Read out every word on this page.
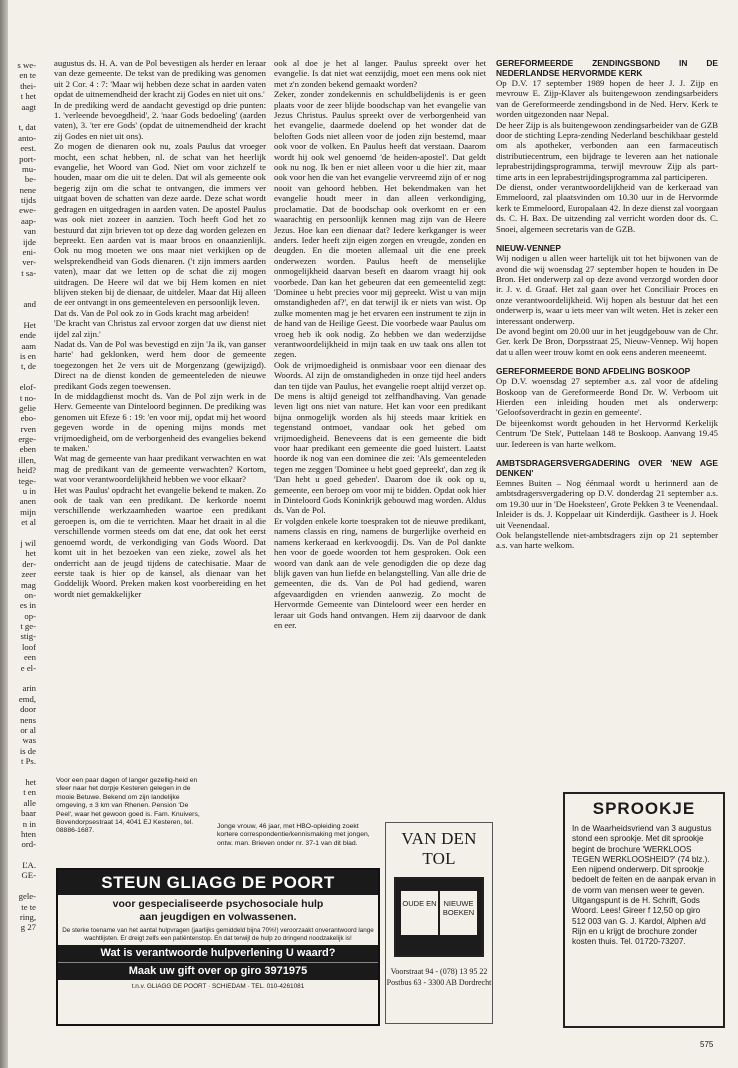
s we-
en te
thei-
t het
aagt
t, dat
anto-
eest.
port-
mu-
be-
nene
tijds
ewe-
aap-
van
ijde
eni-
ver-
t sa-
and
Het
ende
aam
is en
t, de
elof-
t no-
gelie
ebo-
rven
erge-
eben
illen,
heid?
tege-
u in
anen
mijn
et al
j wil
het
der-
zeer
mag
on-
es in
op-
t ge-
stig-
loof
een
e el-
arin
emd,
door
nens
or al
was
is de
t Ps.
het
t en
alle
baar
n in
hten
ord-
ĽA.
GE-
gele-
te te
ring,
g 27

augustus ds. H. A. van de Pol bevestigen als herder en leraar van deze gemeente. De tekst van de prediking was genomen uit 2 Cor. 4 : 7: 'Maar wij hebben deze schat in aarden vaten opdat de uitnemendheid der kracht zij Godes en niet uit ons.'

In de prediking werd de aandacht gevestigd op drie punten: 1. 'verleende bevoegdheid', 2. 'naar Gods bedoeling' (aarden vaten), 3. 'ter ere Gods' (opdat de uitnemendheid der kracht zij Godes en niet uit ons).

Zo mogen de dienaren ook nu, zoals Paulus dat vroeger mocht, een schat hebben, nl. de schat van het heerlijk evangelie, het Woord van God. Niet om voor zichzelf te houden, maar om die uit te delen. Dat wil als gemeente ook begerig zijn om die schat te ontvangen, die immers ver uitgaat boven de schatten van deze aarde. Deze schat wordt gedragen en uitgedragen in aarden vaten. De apostel Paulus was ook niet zozeer in aanzien. Toch heeft God het zo bestuurd dat zijn brieven tot op deze dag worden gelezen en bepreekt. Een aarden vat is maar broos en onaanzienlijk. Ook nu mog moeten we ons maar niet verkijken op de welsprekendheid van Gods dienaren. ('t zijn immers aarden vaten), maar dat we letten op de schat die zij mogen uitdragen. De Heere wil dat we bij Hem komen en niet blijven steken bij de dienaar, de uitdeler. Maar dat Hij alleen de eer ontvangt in ons gemeenteleven en persoonlijk leven.

Dat ds. Van de Pol ook zo in Gods kracht mag arbeiden!

'De kracht van Christus zal ervoor zorgen dat uw dienst niet ijdel zal zijn.'

Nadat ds. Van de Pol was bevestigd en zijn 'Ja ik, van ganser harte' had geklonken, werd hem door de gemeente toegezongen het 2e vers uit de Morgenzang (gewijzigd). Direct na de dienst konden de gemeenteleden de nieuwe predikant Gods zegen toewensen.

In de middagdienst mocht ds. Van de Pol zijn werk in de Herv. Gemeente van Dinteloord beginnen. De prediking was genomen uit Efeze 6 : 19: 'en voor mij, opdat mij het woord gegeven worde in de opening mijns monds met vrijmoedigheid, om de verborgenheid des evangelies bekend te maken.'

Wat mag de gemeente van haar predikant verwachten en wat mag de predikant van de gemeente verwachten? Kortom, wat voor verantwoordelijkheid hebben we voor elkaar?

Het was Paulus' opdracht het evangelie bekend te maken. Zo ook de taak van een predikant. De kerkorde noemt verschillende werkzaamheden waartoe een predikant geroepen is, om die te verrichten. Maar het draait in al die verschillende vormen steeds om dat ene, dat ook het eerst genoemd wordt, de verkondiging van Gods Woord. Dat komt uit in het bezoeken van een zieke, zowel als het onderricht aan de jeugd tijdens de catechisatie. Maar de eerste taak is hier op de kansel, als dienaar van het Goddelijk Woord. Preken maken kost voorbereiding en het wordt niet gemakkelijker

ook al doe je het al langer. Paulus spreekt over het evangelie. Is dat niet wat eenzijdig, moet een mens ook niet met z'n zonden bekend gemaakt worden?

Zeker, zonder zondekennis en schuldbelijdenis is er geen plaats voor de zeer blijde boodschap van het evangelie van Jezus Christus. Paulus spreekt over de verborgenheid van het evangelie, daarmede doelend op het wonder dat de beloften Gods niet alleen voor de joden zijn bestemd, maar ook voor de volken. En Paulus heeft dat verstaan. Daarom wordt hij ook wel genoemd 'de heiden-apostel'. Dat geldt ook nu nog. Ik ben er niet alleen voor u die hier zit, maar ook voor hen die van het evangelie vervreemd zijn of er nog nooit van gehoord hebben. Het bekendmaken van het evangelie houdt meer in dan alleen verkondiging, proclamatie. Dat de boodschap ook overkomt en er een waarachtig en persoonlijk kennen mag zijn van de Heere Jezus. Hoe kan een dienaar dat? Iedere kerkganger is weer anders. Ieder heeft zijn eigen zorgen en vreugde, zonden en deugden. En die moeten allemaal uit die ene preek onderwezen worden. Paulus heeft de menselijke onmogelijkheid daarvan beseft en daarom vraagt hij ook voorbede. Dan kan het gebeuren dat een gemeentelid zegt: 'Dominee u hebt precies voor mij gepreekt. Wist u van mijn omstandigheden af?', en dat terwijl ik er niets van wist. Op zulke momenten mag je het ervaren een instrument te zijn in de hand van de Heilige Geest. Die voorbede waar Paulus om vroeg heb ik ook nodig. Zo hebben we dan wederzijdse verantwoordelijkheid in mijn taak en uw taak ons allen tot zegen.

Ook de vrijmoedigheid is onmisbaar voor een dienaar des Woords. Al zijn de omstandigheden in onze tijd heel anders dan ten tijde van Paulus, het evangelie roept altijd verzet op. De mens is altijd geneigd tot zelfhandhaving. Van genade leven ligt ons niet van nature. Het kan voor een predikant bijna onmogelijk worden als hij steeds maar kritiek en tegenstand ontmoet, vandaar ook het gebed om vrijmoedigheid. Beneveens dat is een gemeente die bidt voor haar predikant een gemeente die goed luistert. Laatst hoorde ik nog van een dominee die zei: 'Als gemeenteleden tegen me zeggen 'Dominee u hebt goed gepreekt', dan zeg ik 'Dan hebt u goed gebeden'. Daarom doe ik ook op u, gemeente, een beroep om voor mij te bidden. Opdat ook hier in Dinteloord Gods Koninkrijk gebouwd mag worden. Aldus ds. Van de Pol.

Er volgden enkele korte toespraken tot de nieuwe predikant, namens classis en ring, namens de burgerlijke overheid en namens kerkeraad en kerkvoogdij. Ds. Van de Pol dankte hen voor de goede woorden tot hem gesproken. Ook een woord van dank aan de vele genodigden die op deze dag blijk gaven van hun liefde en belangstelling. Van alle drie de gemeenten, die ds. Van de Pol had gediend, waren afgevaardigden en vrienden aanwezig. Zo mocht de Hervormde Gemeente van Dinteloord weer een herder en leraar uit Gods hand ontvangen. Hem zij daarvoor de dank en eer.

GEREFORMEERDE ZENDINGSBOND IN DE NEDERLANDSE HERVORMDE KERK

Op D.V. 17 september 1989 hopen de heer J. J. Zijp en mevrouw E. Zijp-Klaver als buitengewoon zendingsarbeiders van de Gereformeerde zendingsbond in de Ned. Herv. Kerk te worden uitgezonden naar Nepal.

De heer Zijp is als buitengewoon zendingsarbeider van de GZB door de stichting Lepra-zending Nederland beschikbaar gesteld om als apotheker, verbonden aan een farmaceutisch distributiecentrum, een bijdrage te leveren aan het nationale leprabestrijdingsprogramma, terwijl mevrouw Zijp als part-time arts in een leprabestrijdingsprogramma zal participeren.

De dienst, onder verantwoordelijkheid van de kerkeraad van Emmeloord, zal plaatsvinden om 10.30 uur in de Hervormde kerk te Emmeloord, Europalaan 42. In deze dienst zal voorgaan ds. C. H. Bax. De uitzending zal verricht worden door ds. C. Snoei, algemeen secretaris van de GZB.

NIEUW-VENNEP

Wij nodigen u allen weer hartelijk uit tot het bijwonen van de avond die wij woensdag 27 september hopen te houden in De Bron. Het onderwerp zal op deze avond verzorgd worden door ir. J. v. d. Graaf. Het zal gaan over het Conciliair Proces en onze verantwoordelijkheid. Wij hopen als bestuur dat het een onderwerp is, waar u iets meer van wilt weten. Het is zeker een interessant onderwerp.

De avond begint om 20.00 uur in het jeugdgebouw van de Chr. Ger. kerk De Bron, Dorpsstraat 25, Nieuw-Vennep. Wij hopen dat u allen weer trouw komt en ook eens anderen meeneemt.

GEREFORMEERDE BOND AFDELING BOSKOOP

Op D.V. woensdag 27 september a.s. zal voor de afdeling Boskoop van de Gereformeerde Bond Dr. W. Verboom uit Hierden een inleiding houden met als onderwerp: 'Geloofsoverdracht in gezin en gemeente'.

De bijeenkomst wordt gehouden in het Hervormd Kerkelijk Centrum 'De Stek', Puttelaan 148 te Boskoop. Aanvang 19.45 uur. Iedereen is van harte welkom.

AMBTSDRAGERSVERGADERING OVER 'NEW AGE DENKEN'

Eemnes Buiten – Nog éénmaal wordt u herinnerd aan de ambtsdragersvergadering op D.V. donderdag 21 september a.s. om 19.30 uur in 'De Hoeksteen', Grote Pekken 3 te Veenendaal. Inleider is ds. J. Koppelaar uit Kinderdijk. Gastheer is J. Hoek uit Veenendaal.

Ook belangstellende niet-ambtsdragers zijn op 21 september a.s. van harte welkom.

Voor een paar dagen of langer gezellig-heid en sfeer naar het dorpje Kesteren gelegen in de mooie Betuwe. Bekend om zijn landelijke omgeving, ± 3 km van Rhenen. Pension 'De Peel', waar het gewoon goed is. Fam. Knuivers, Bovendorpsestraat 14, 4041 EJ Kesteren, tel. 08886-1687.
Jonge vrouw, 46 jaar, met HBO-opleiding zoekt kortere correspondentie/kennismaking met jongen, ontw. man. Brieven onder nr. 37-1 van dit blad.
STEUN GLIAGG DE POORT
voor gespecialiseerde psychosociale hulp
aan jeugdigen en volwassenen.
De sterke toename van het aantal hulpvragen (jaarlijks gemiddeld bijna 70%!) veroorzaakt onverantwoord lange wachtlijsten. Er dreigt zelfs een patiëntenstop. En dat terwijl de hulp zo dringend noodzakelijk is!
Wat is verantwoorde hulpverlening U waard?
Maak uw gift over op giro 3971975
t.n.v. GLIAGG DE POORT · SCHIEDAM · TEL. 010-4261081
VAN DEN TOL
OUDE EN NIEUWE BOEKEN
Voorstraat 94 - (078) 13 95 22
Postbus 63 - 3300 AB Dordrecht
SPROOKJE
In de Waarheidsvriend van 3 augustus stond een sprookje. Met dit sprookje begint de brochure 'WERKLOOS TEGEN WERKLOOSHEID?' (74 blz.). Een nijpend onderwerp. Dit sprookje bedoelt de feiten en de aanpak ervan in de vorm van mensen weer te geven. Uitgangspunt is de H. Schrift, Gods Woord. Lees! Gireer f 12,50 op giro 512 003 van G. J. Kardol, Alphen a/d Rijn en u krijgt de brochure zonder kosten thuis. Tel. 01720-73207.
575
